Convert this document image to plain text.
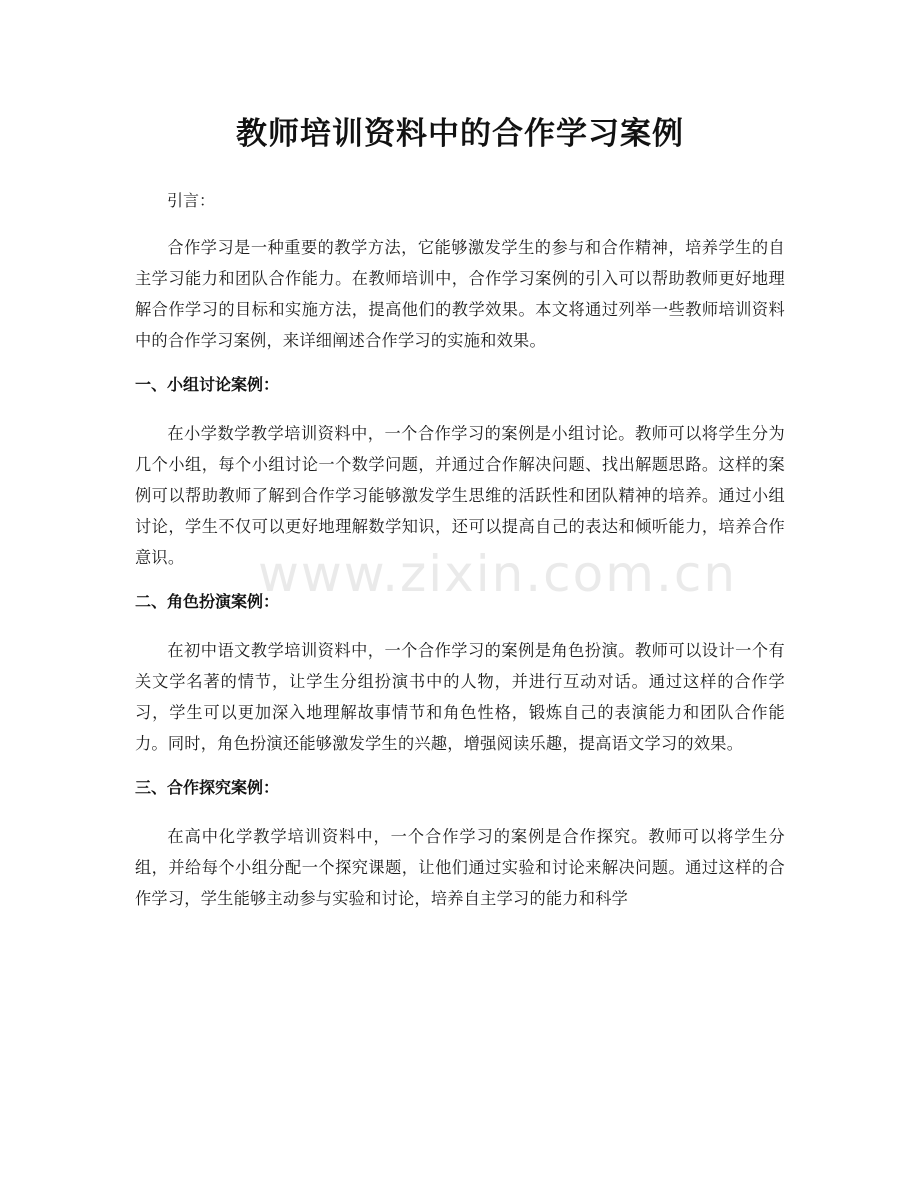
教师培训资料中的合作学习案例

引言：

合作学习是一种重要的教学方法，它能够激发学生的参与和合作精神，培养学生的自主学习能力和团队合作能力。在教师培训中，合作学习案例的引入可以帮助教师更好地理解合作学习的目标和实施方法，提高他们的教学效果。本文将通过列举一些教师培训资料中的合作学习案例，来详细阐述合作学习的实施和效果。

一、小组讨论案例：

在小学数学教学培训资料中，一个合作学习的案例是小组讨论。教师可以将学生分为几个小组，每个小组讨论一个数学问题，并通过合作解决问题、找出解题思路。这样的案例可以帮助教师了解到合作学习能够激发学生思维的活跃性和团队精神的培养。通过小组讨论，学生不仅可以更好地理解数学知识，还可以提高自己的表达和倾听能力，培养合作意识。

二、角色扮演案例：

在初中语文教学培训资料中，一个合作学习的案例是角色扮演。教师可以设计一个有关文学名著的情节，让学生分组扮演书中的人物，并进行互动对话。通过这样的合作学习，学生可以更加深入地理解故事情节和角色性格，锻炼自己的表演能力和团队合作能力。同时，角色扮演还能够激发学生的兴趣，增强阅读乐趣，提高语文学习的效果。

三、合作探究案例：

在高中化学教学培训资料中，一个合作学习的案例是合作探究。教师可以将学生分组，并给每个小组分配一个探究课题，让他们通过实验和讨论来解决问题。通过这样的合作学习，学生能够主动参与实验和讨论，培养自主学习的能力和科学

www.zixin.com.cn
